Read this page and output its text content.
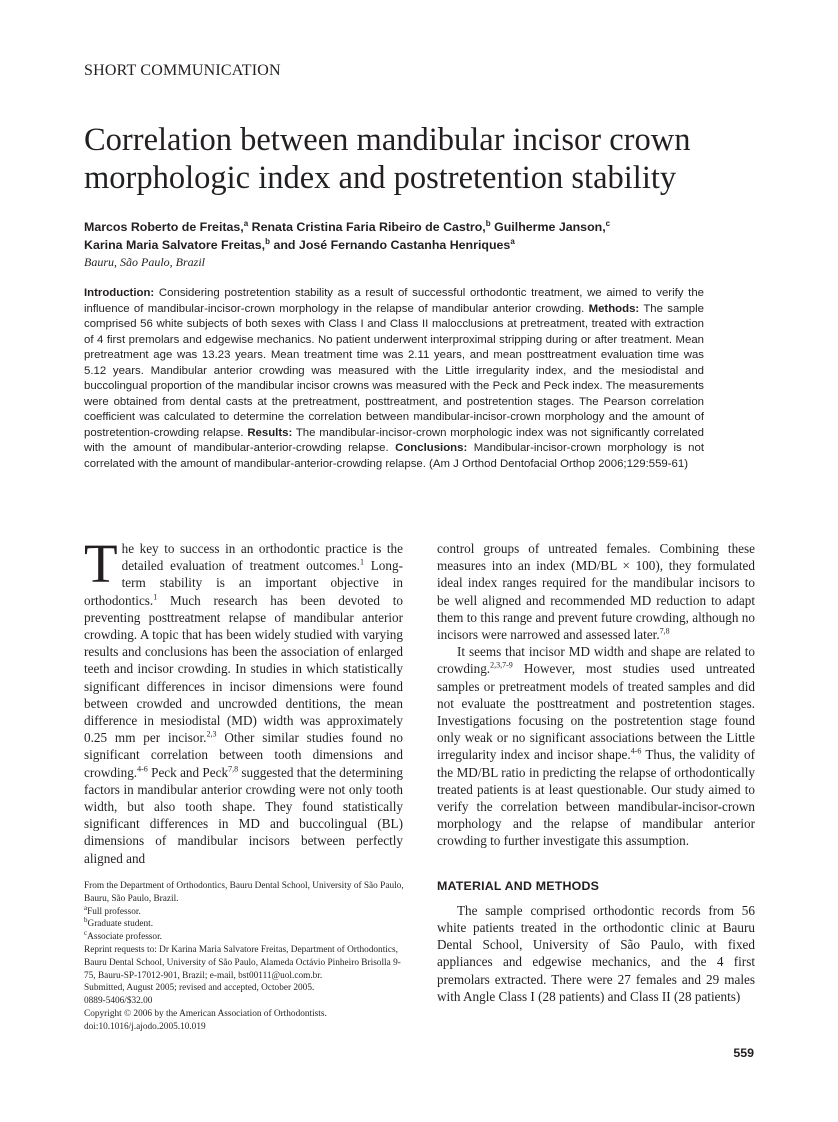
SHORT COMMUNICATION
Correlation between mandibular incisor crown morphologic index and postretention stability
Marcos Roberto de Freitas,$^a$ Renata Cristina Faria Ribeiro de Castro,$^b$ Guilherme Janson,$^c$
Karina Maria Salvatore Freitas,$^b$ and José Fernando Castanha Henriques$^a$
Bauru, São Paulo, Brazil
Introduction: Considering postretention stability as a result of successful orthodontic treatment, we aimed to verify the influence of mandibular-incisor-crown morphology in the relapse of mandibular anterior crowding. Methods: The sample comprised 56 white subjects of both sexes with Class I and Class II malocclusions at pretreatment, treated with extraction of 4 first premolars and edgewise mechanics. No patient underwent interproximal stripping during or after treatment. Mean pretreatment age was 13.23 years. Mean treatment time was 2.11 years, and mean posttreatment evaluation time was 5.12 years. Mandibular anterior crowding was measured with the Little irregularity index, and the mesiodistal and buccolingual proportion of the mandibular incisor crowns was measured with the Peck and Peck index. The measurements were obtained from dental casts at the pretreatment, posttreatment, and postretention stages. The Pearson correlation coefficient was calculated to determine the correlation between mandibular-incisor-crown morphology and the amount of postretention-crowding relapse. Results: The mandibular-incisor-crown morphologic index was not significantly correlated with the amount of mandibular-anterior-crowding relapse. Conclusions: Mandibular-incisor-crown morphology is not correlated with the amount of mandibular-anterior-crowding relapse. (Am J Orthod Dentofacial Orthop 2006;129:559-61)

The key to success in an orthodontic practice is the detailed evaluation of treatment outcomes.$^1$ Long-term stability is an important objective in orthodontics.$^1$ Much research has been devoted to preventing posttreatment relapse of mandibular anterior crowding. A topic that has been widely studied with varying results and conclusions has been the association of enlarged teeth and incisor crowding. In studies in which statistically significant differences in incisor dimensions were found between crowded and uncrowded dentitions, the mean difference in mesiodistal (MD) width was approximately 0.25 mm per incisor.$^{2,3}$ Other similar studies found no significant correlation between tooth dimensions and crowding.$^{4-6}$ Peck and Peck$^{7,8}$ suggested that the determining factors in mandibular anterior crowding were not only tooth width, but also tooth shape. They found statistically significant differences in MD and buccolingual (BL) dimensions of mandibular incisors between perfectly aligned and

From the Department of Orthodontics, Bauru Dental School, University of São Paulo, Bauru, São Paulo, Brazil.
$^a$Full professor.
$^b$Graduate student.
$^c$Associate professor.
Reprint requests to: Dr Karina Maria Salvatore Freitas, Department of Orthodontics, Bauru Dental School, University of São Paulo, Alameda Octávio Pinheiro Brisolla 9-75, Bauru-SP-17012-901, Brazil; e-mail, bst00111@uol.com.br.
Submitted, August 2005; revised and accepted, October 2005.
0889-5406/$32.00
Copyright © 2006 by the American Association of Orthodontists.
doi:10.1016/j.ajodo.2005.10.019

control groups of untreated females. Combining these measures into an index (MD/BL × 100), they formulated ideal index ranges required for the mandibular incisors to be well aligned and recommended MD reduction to adapt them to this range and prevent future crowding, although no incisors were narrowed and assessed later.$^{7,8}$

It seems that incisor MD width and shape are related to crowding.$^{2,3,7-9}$ However, most studies used untreated samples or pretreatment models of treated samples and did not evaluate the posttreatment and postretention stages. Investigations focusing on the postretention stage found only weak or no significant associations between the Little irregularity index and incisor shape.$^{4-6}$ Thus, the validity of the MD/BL ratio in predicting the relapse of orthodontically treated patients is at least questionable. Our study aimed to verify the correlation between mandibular-incisor-crown morphology and the relapse of mandibular anterior crowding to further investigate this assumption.

MATERIAL AND METHODS

The sample comprised orthodontic records from 56 white patients treated in the orthodontic clinic at Bauru Dental School, University of São Paulo, with fixed appliances and edgewise mechanics, and the 4 first premolars extracted. There were 27 females and 29 males with Angle Class I (28 patients) and Class II (28 patients)

559
